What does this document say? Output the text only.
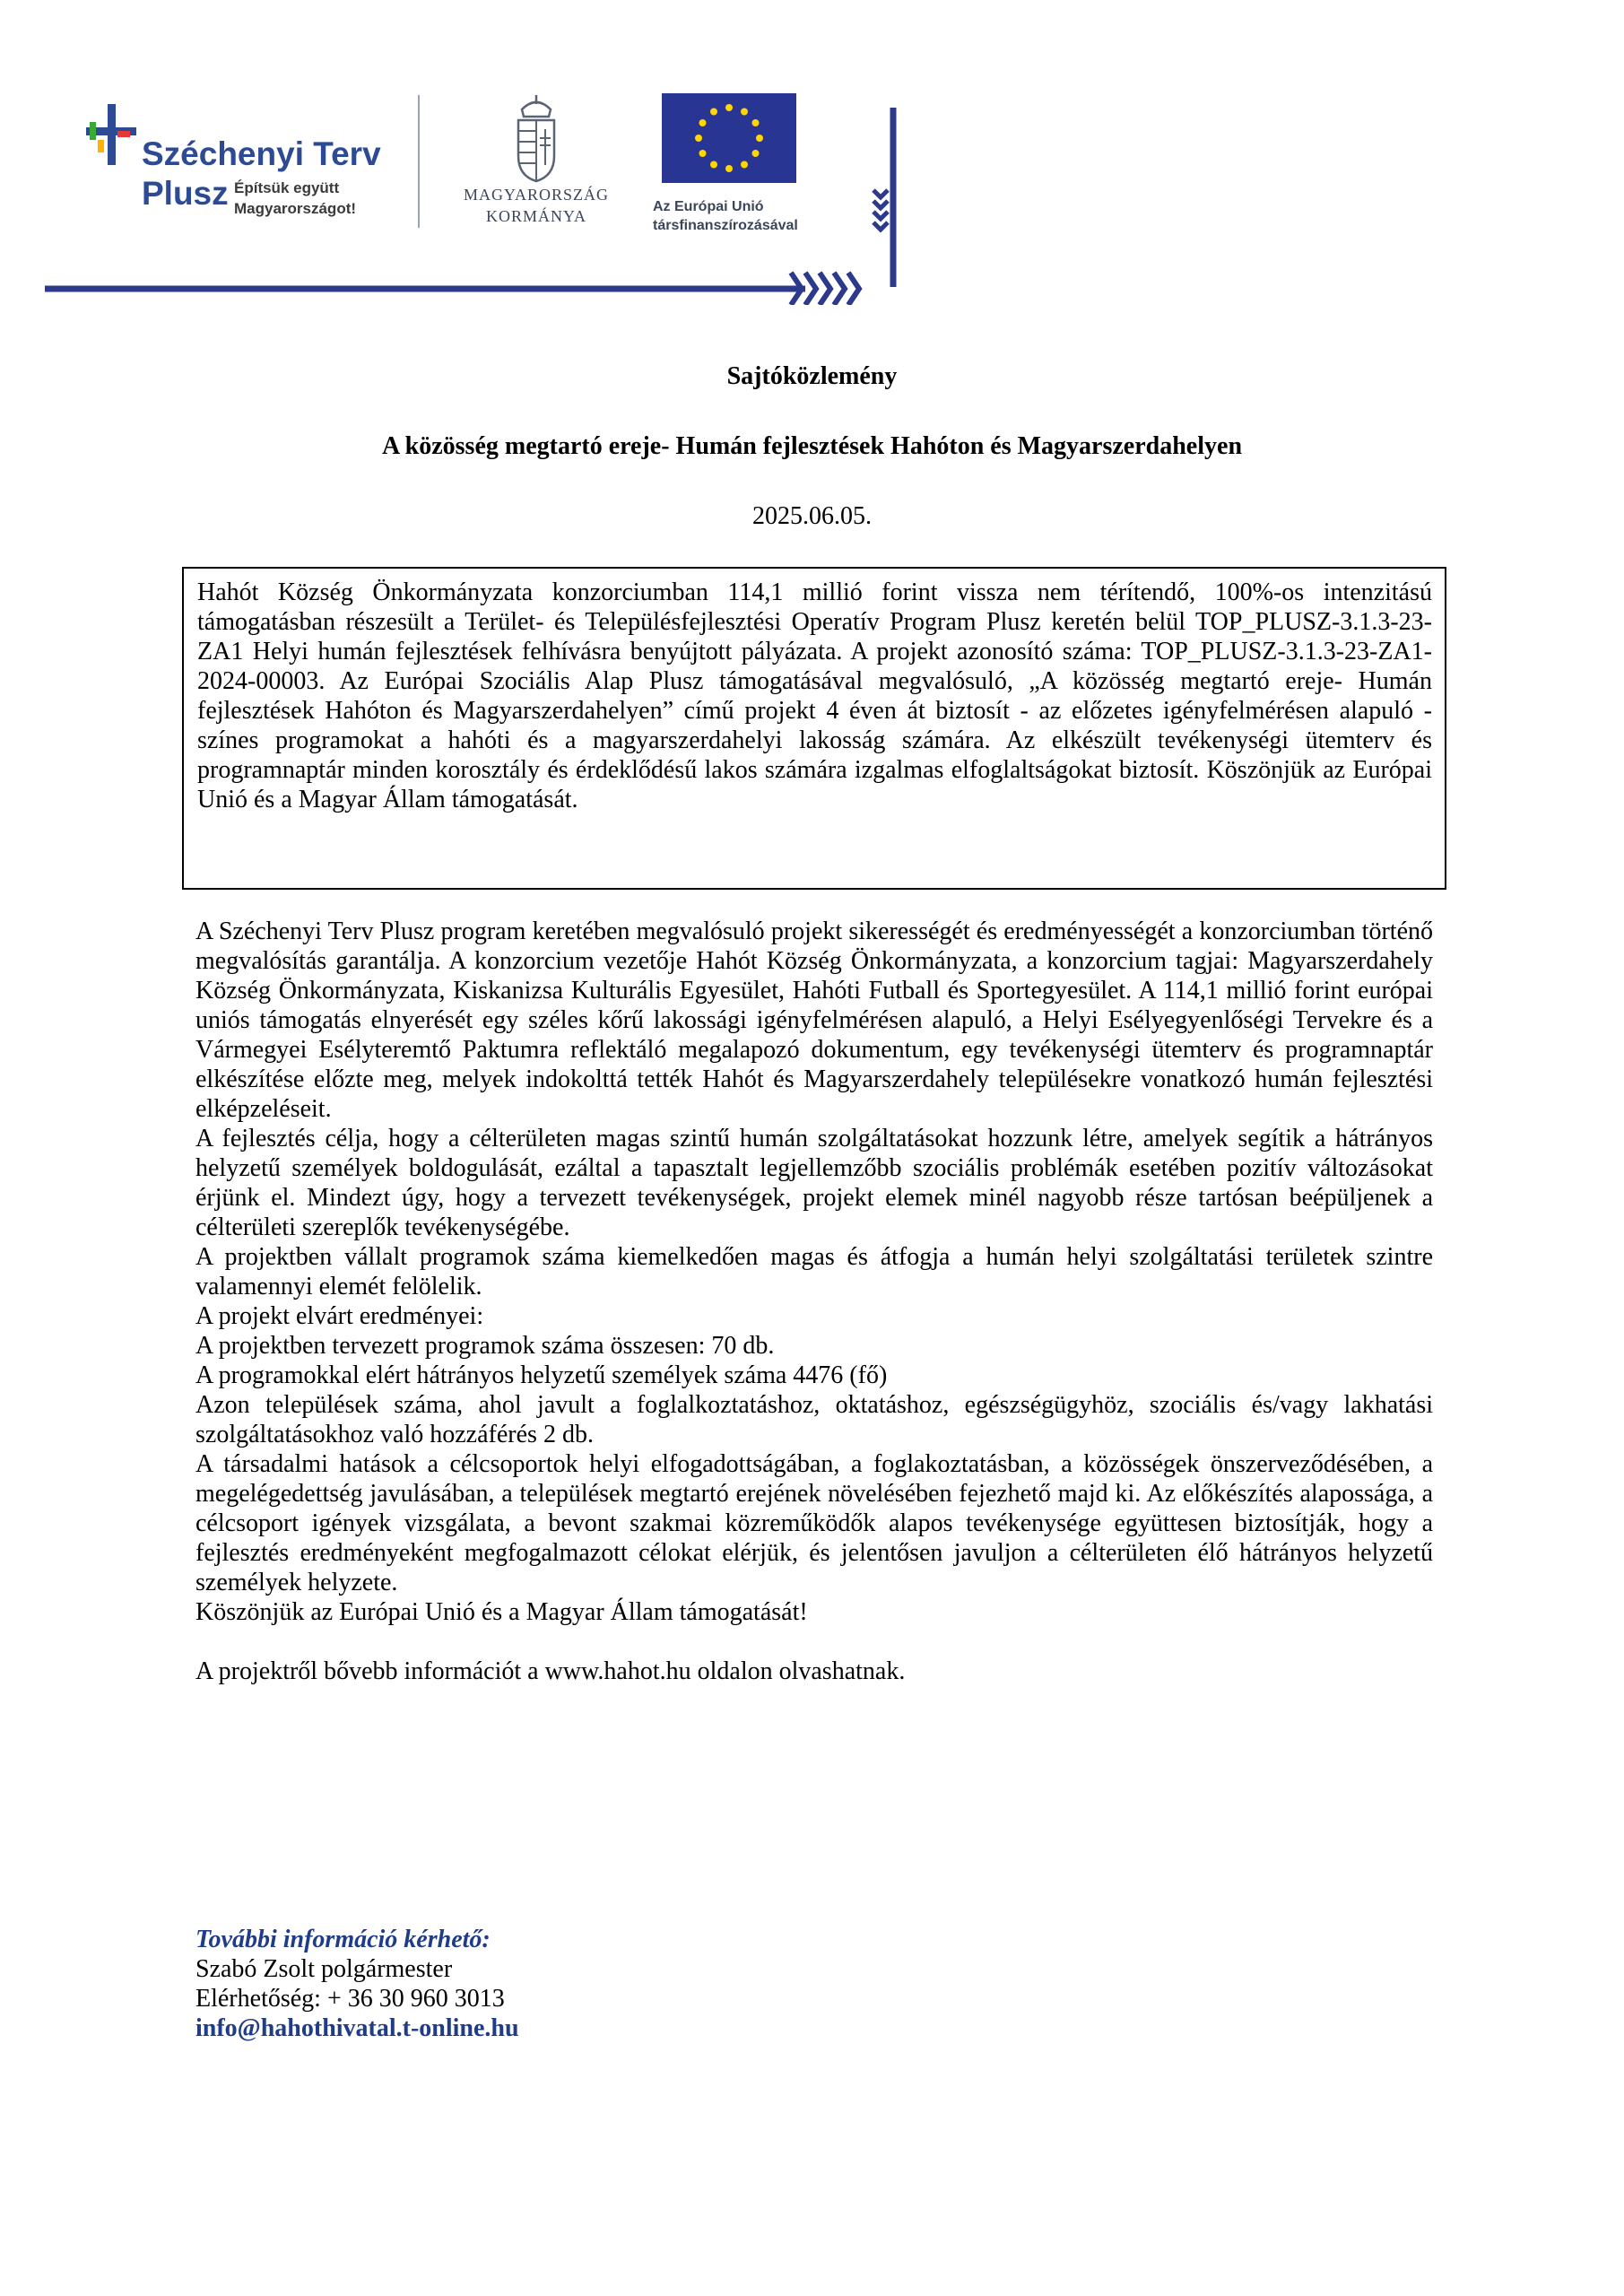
Széchenyi Terv
Plusz Építsük együtt
Magyarországot!
MAGYARORSZÁG
KORMÁNYA
Az Európai Unió
társfinanszírozásával
Sajtóközlemény
A közösség megtartó ereje- Humán fejlesztések Hahóton és Magyarszerdahelyen
2025.06.05.

Hahót Község Önkormányzata konzorciumban 114,1 millió forint vissza nem térítendő, 100%-os intenzitású támogatásban részesült a Terület- és Településfejlesztési Operatív Program Plusz keretén belül TOP_PLUSZ-3.1.3-23-ZA1 Helyi humán fejlesztések felhívásra benyújtott pályázata. A projekt azonosító száma: TOP_PLUSZ-3.1.3-23-ZA1-2024-00003. Az Európai Szociális Alap Plusz támogatásával megvalósuló, „A közösség megtartó ereje- Humán fejlesztések Hahóton és Magyarszerdahelyen” című projekt 4 éven át biztosít - az előzetes igényfelmérésen alapuló - színes programokat a hahóti és a magyarszerdahelyi lakosság számára. Az elkészült tevékenységi ütemterv és programnaptár minden korosztály és érdeklődésű lakos számára izgalmas elfoglaltságokat biztosít. Köszönjük az Európai Unió és a Magyar Állam támogatását.

A Széchenyi Terv Plusz program keretében megvalósuló projekt sikerességét és eredményességét a konzorciumban történő megvalósítás garantálja. A konzorcium vezetője Hahót Község Önkormányzata, a konzorcium tagjai: Magyarszerdahely Község Önkormányzata, Kiskanizsa Kulturális Egyesület, Hahóti Futball és Sportegyesület. A 114,1 millió forint európai uniós támogatás elnyerését egy széles kőrű lakossági igényfelmérésen alapuló, a Helyi Esélyegyenlőségi Tervekre és a Vármegyei Esélyteremtő Paktumra reflektáló megalapozó dokumentum, egy tevékenységi ütemterv és programnaptár elkészítése előzte meg, melyek indokolttá tették Hahót és Magyarszerdahely településekre vonatkozó humán fejlesztési elképzeléseit.

A fejlesztés célja, hogy a célterületen magas szintű humán szolgáltatásokat hozzunk létre, amelyek segítik a hátrányos helyzetű személyek boldogulását, ezáltal a tapasztalt legjellemzőbb szociális problémák esetében pozitív változásokat érjünk el. Mindezt úgy, hogy a tervezett tevékenységek, projekt elemek minél nagyobb része tartósan beépüljenek a célterületi szereplők tevékenységébe.

A projektben vállalt programok száma kiemelkedően magas és átfogja a humán helyi szolgáltatási területek szintre valamennyi elemét felölelik.

A projekt elvárt eredményei:

A projektben tervezett programok száma összesen: 70 db.

A programokkal elért hátrányos helyzetű személyek száma 4476 (fő)

Azon települések száma, ahol javult a foglalkoztatáshoz, oktatáshoz, egészségügyhöz, szociális és/vagy lakhatási szolgáltatásokhoz való hozzáférés 2 db.

A társadalmi hatások a célcsoportok helyi elfogadottságában, a foglakoztatásban, a közösségek önszerveződésében, a megelégedettség javulásában, a települések megtartó erejének növelésében fejezhető majd ki. Az előkészítés alapossága, a célcsoport igények vizsgálata, a bevont szakmai közreműködők alapos tevékenysége együttesen biztosítják, hogy a fejlesztés eredményeként megfogalmazott célokat elérjük, és jelentősen javuljon a célterületen élő hátrányos helyzetű személyek helyzete.

Köszönjük az Európai Unió és a Magyar Állam támogatását!

A projektről bővebb információt a www.hahot.hu oldalon olvashatnak.

További információ kérhető:

Szabó Zsolt polgármester

Elérhetőség: + 36 30 960 3013

info@hahothivatal.t-online.hu
